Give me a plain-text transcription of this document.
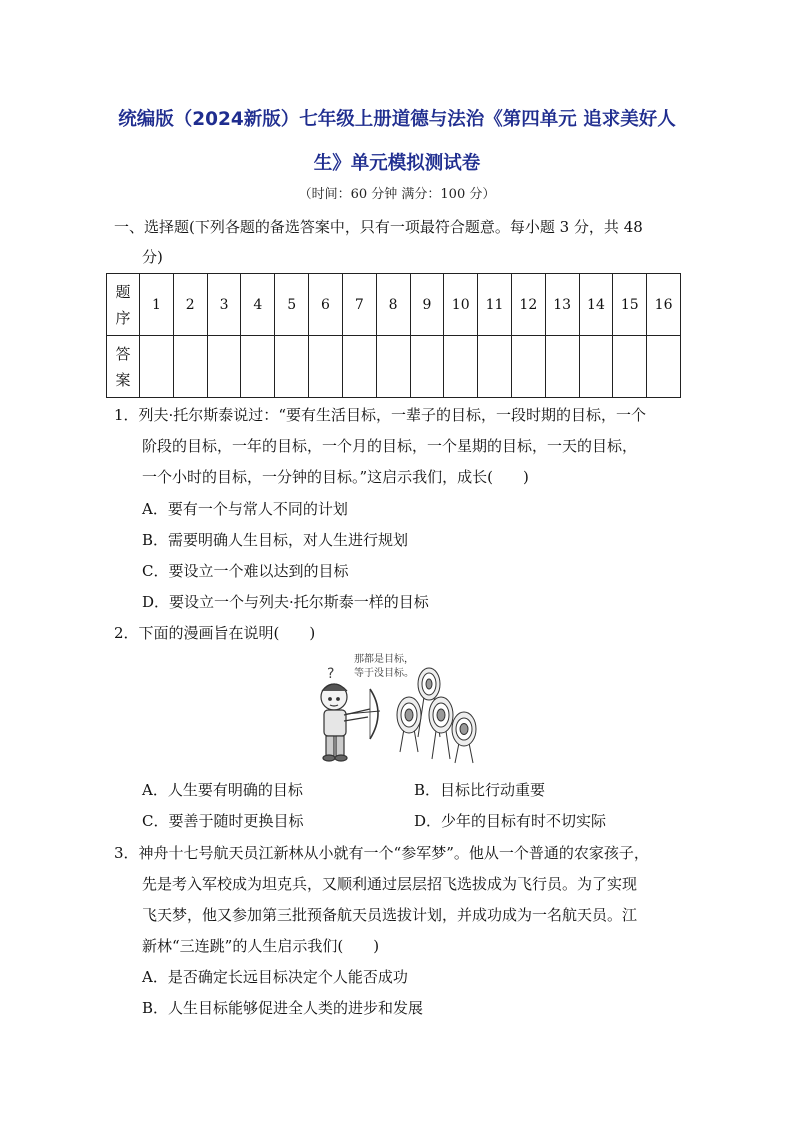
统编版（2024新版）七年级上册道德与法治《第四单元 追求美好人
生》单元模拟测试卷
（时间：60 分钟 满分：100 分）
一、选择题(下列各题的备选答案中，只有一项最符合题意。每小题 3 分，共 48
分)
题
序	1	2	3	4	5	6	7	8	9	10	11	12	13	14	15	16

答
案																

1．列夫·托尔斯泰说过：“要有生活目标，一辈子的目标，一段时期的目标，一个
阶段的目标，一年的目标，一个月的目标，一个星期的目标，一天的目标，
一个小时的目标，一分钟的目标。”这启示我们，成长(　　)
A．要有一个与常人不同的计划
B．需要明确人生目标，对人生进行规划
C．要设立一个难以达到的目标
D．要设立一个与列夫·托尔斯泰一样的目标
2．下面的漫画旨在说明(　　)
那都是目标，
等于没目标。
?
A．人生要有明确的目标	B．目标比行动重要
C．要善于随时更换目标	D．少年的目标有时不切实际
3．神舟十七号航天员江新林从小就有一个“参军梦”。他从一个普通的农家孩子，
先是考入军校成为坦克兵，又顺利通过层层招飞选拔成为飞行员。为了实现
飞天梦，他又参加第三批预备航天员选拔计划，并成功成为一名航天员。江
新林“三连跳”的人生启示我们(　　)
A．是否确定长远目标决定个人能否成功
B．人生目标能够促进全人类的进步和发展
